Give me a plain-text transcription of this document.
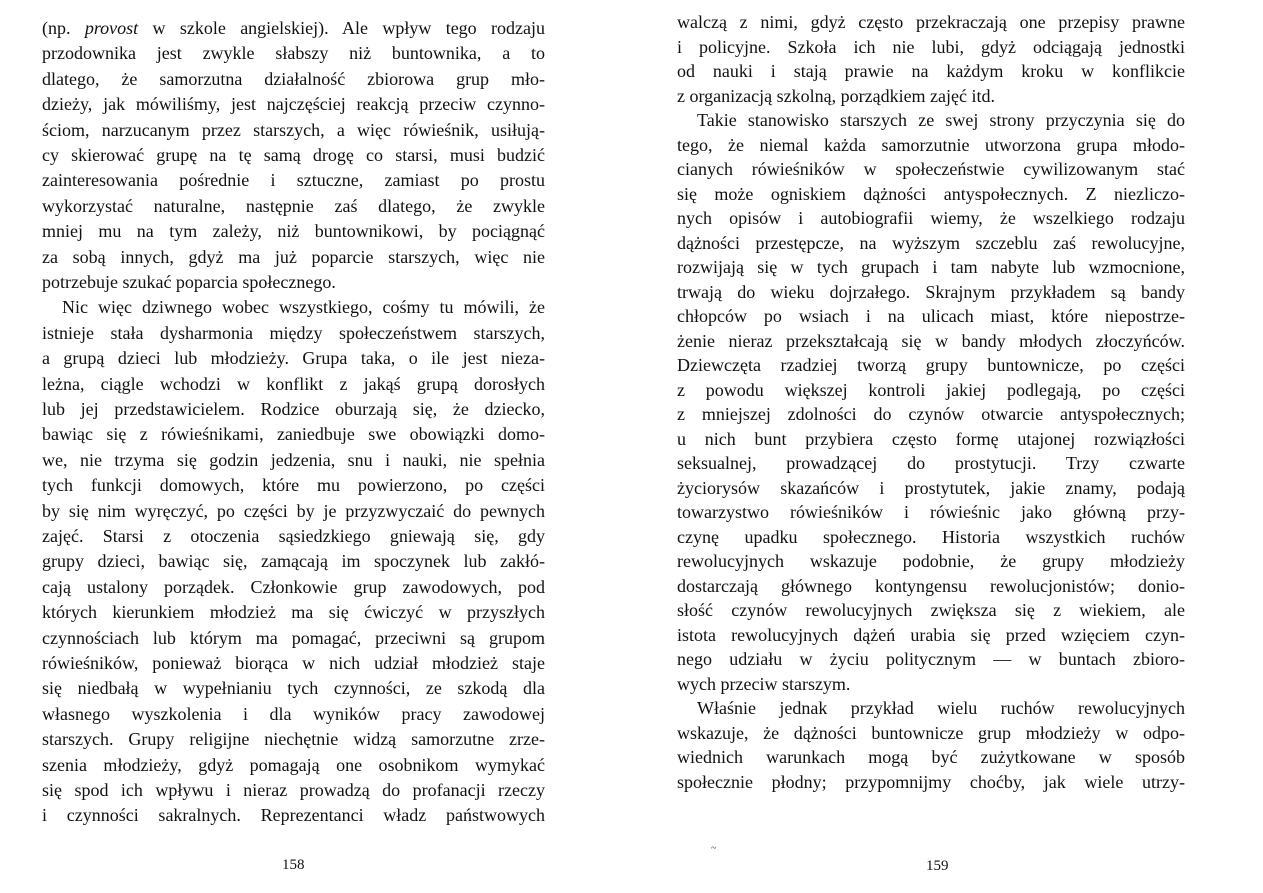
(np. provost w szkole angielskiej). Ale wpływ tego rodzaju
przodownika jest zwykle słabszy niż buntownika, a to
dlatego, że samorzutna działalność zbiorowa grup mło-
dzieży, jak mówiliśmy, jest najczęściej reakcją przeciw czynno-
ściom, narzucanym przez starszych, a więc rówieśnik, usiłują-
cy skierować grupę na tę samą drogę co starsi, musi budzić
zainteresowania pośrednie i sztuczne, zamiast po prostu
wykorzystać naturalne, następnie zaś dlatego, że zwykle
mniej mu na tym zależy, niż buntownikowi, by pociągnąć
za sobą innych, gdyż ma już poparcie starszych, więc nie
potrzebuje szukać poparcia społecznego.
Nic więc dziwnego wobec wszystkiego, cośmy tu mówili, że
istnieje stała dysharmonia między społeczeństwem starszych,
a grupą dzieci lub młodzieży. Grupa taka, o ile jest nieza-
leżna, ciągle wchodzi w konflikt z jakąś grupą dorosłych
lub jej przedstawicielem. Rodzice oburzają się, że dziecko,
bawiąc się z rówieśnikami, zaniedbuje swe obowiązki domo-
we, nie trzyma się godzin jedzenia, snu i nauki, nie spełnia
tych funkcji domowych, które mu powierzono, po części
by się nim wyręczyć, po części by je przyzwyczaić do pewnych
zajęć. Starsi z otoczenia sąsiedzkiego gniewają się, gdy
grupy dzieci, bawiąc się, zamącają im spoczynek lub zakłó-
cają ustalony porządek. Członkowie grup zawodowych, pod
których kierunkiem młodzież ma się ćwiczyć w przyszłych
czynnościach lub którym ma pomagać, przeciwni są grupom
rówieśników, ponieważ biorąca w nich udział młodzież staje
się niedbałą w wypełnianiu tych czynności, ze szkodą dla
własnego wyszkolenia i dla wyników pracy zawodowej
starszych. Grupy religijne niechętnie widzą samorzutne zrze-
szenia młodzieży, gdyż pomagają one osobnikom wymykać
się spod ich wpływu i nieraz prowadzą do profanacji rzeczy
i czynności sakralnych. Reprezentanci władz państwowych
walczą z nimi, gdyż często przekraczają one przepisy prawne
i policyjne. Szkoła ich nie lubi, gdyż odciągają jednostki
od nauki i stają prawie na każdym kroku w konflikcie
z organizacją szkolną, porządkiem zajęć itd.
Takie stanowisko starszych ze swej strony przyczynia się do
tego, że niemal każda samorzutnie utworzona grupa młodo-
cianych rówieśników w społeczeństwie cywilizowanym stać
się może ogniskiem dążności antyspołecznych. Z niezliczo-
nych opisów i autobiografii wiemy, że wszelkiego rodzaju
dążności przestępcze, na wyższym szczeblu zaś rewolucyjne,
rozwijają się w tych grupach i tam nabyte lub wzmocnione,
trwają do wieku dojrzałego. Skrajnym przykładem są bandy
chłopców po wsiach i na ulicach miast, które niepostrze-
żenie nieraz przekształcają się w bandy młodych złoczyńców.
Dziewczęta rzadziej tworzą grupy buntownicze, po części
z powodu większej kontroli jakiej podlegają, po części
z mniejszej zdolności do czynów otwarcie antyspołecznych;
u nich bunt przybiera często formę utajonej rozwiązłości
seksualnej, prowadzącej do prostytucji. Trzy czwarte
życiorysów skazańców i prostytutek, jakie znamy, podają
towarzystwo rówieśników i rówieśnic jako główną przy-
czynę upadku społecznego. Historia wszystkich ruchów
rewolucyjnych wskazuje podobnie, że grupy młodzieży
dostarczają głównego kontyngensu rewolucjonistów; donio-
słość czynów rewolucyjnych zwiększa się z wiekiem, ale
istota rewolucyjnych dążeń urabia się przed wzięciem czyn-
nego udziału w życiu politycznym — w buntach zbioro-
wych przeciw starszym.
Właśnie jednak przykład wielu ruchów rewolucyjnych
wskazuje, że dążności buntownicze grup młodzieży w odpo-
wiednich warunkach mogą być zużytkowane w sposób
społecznie płodny; przypomnijmy choćby, jak wiele utrzy-
158
~
159
